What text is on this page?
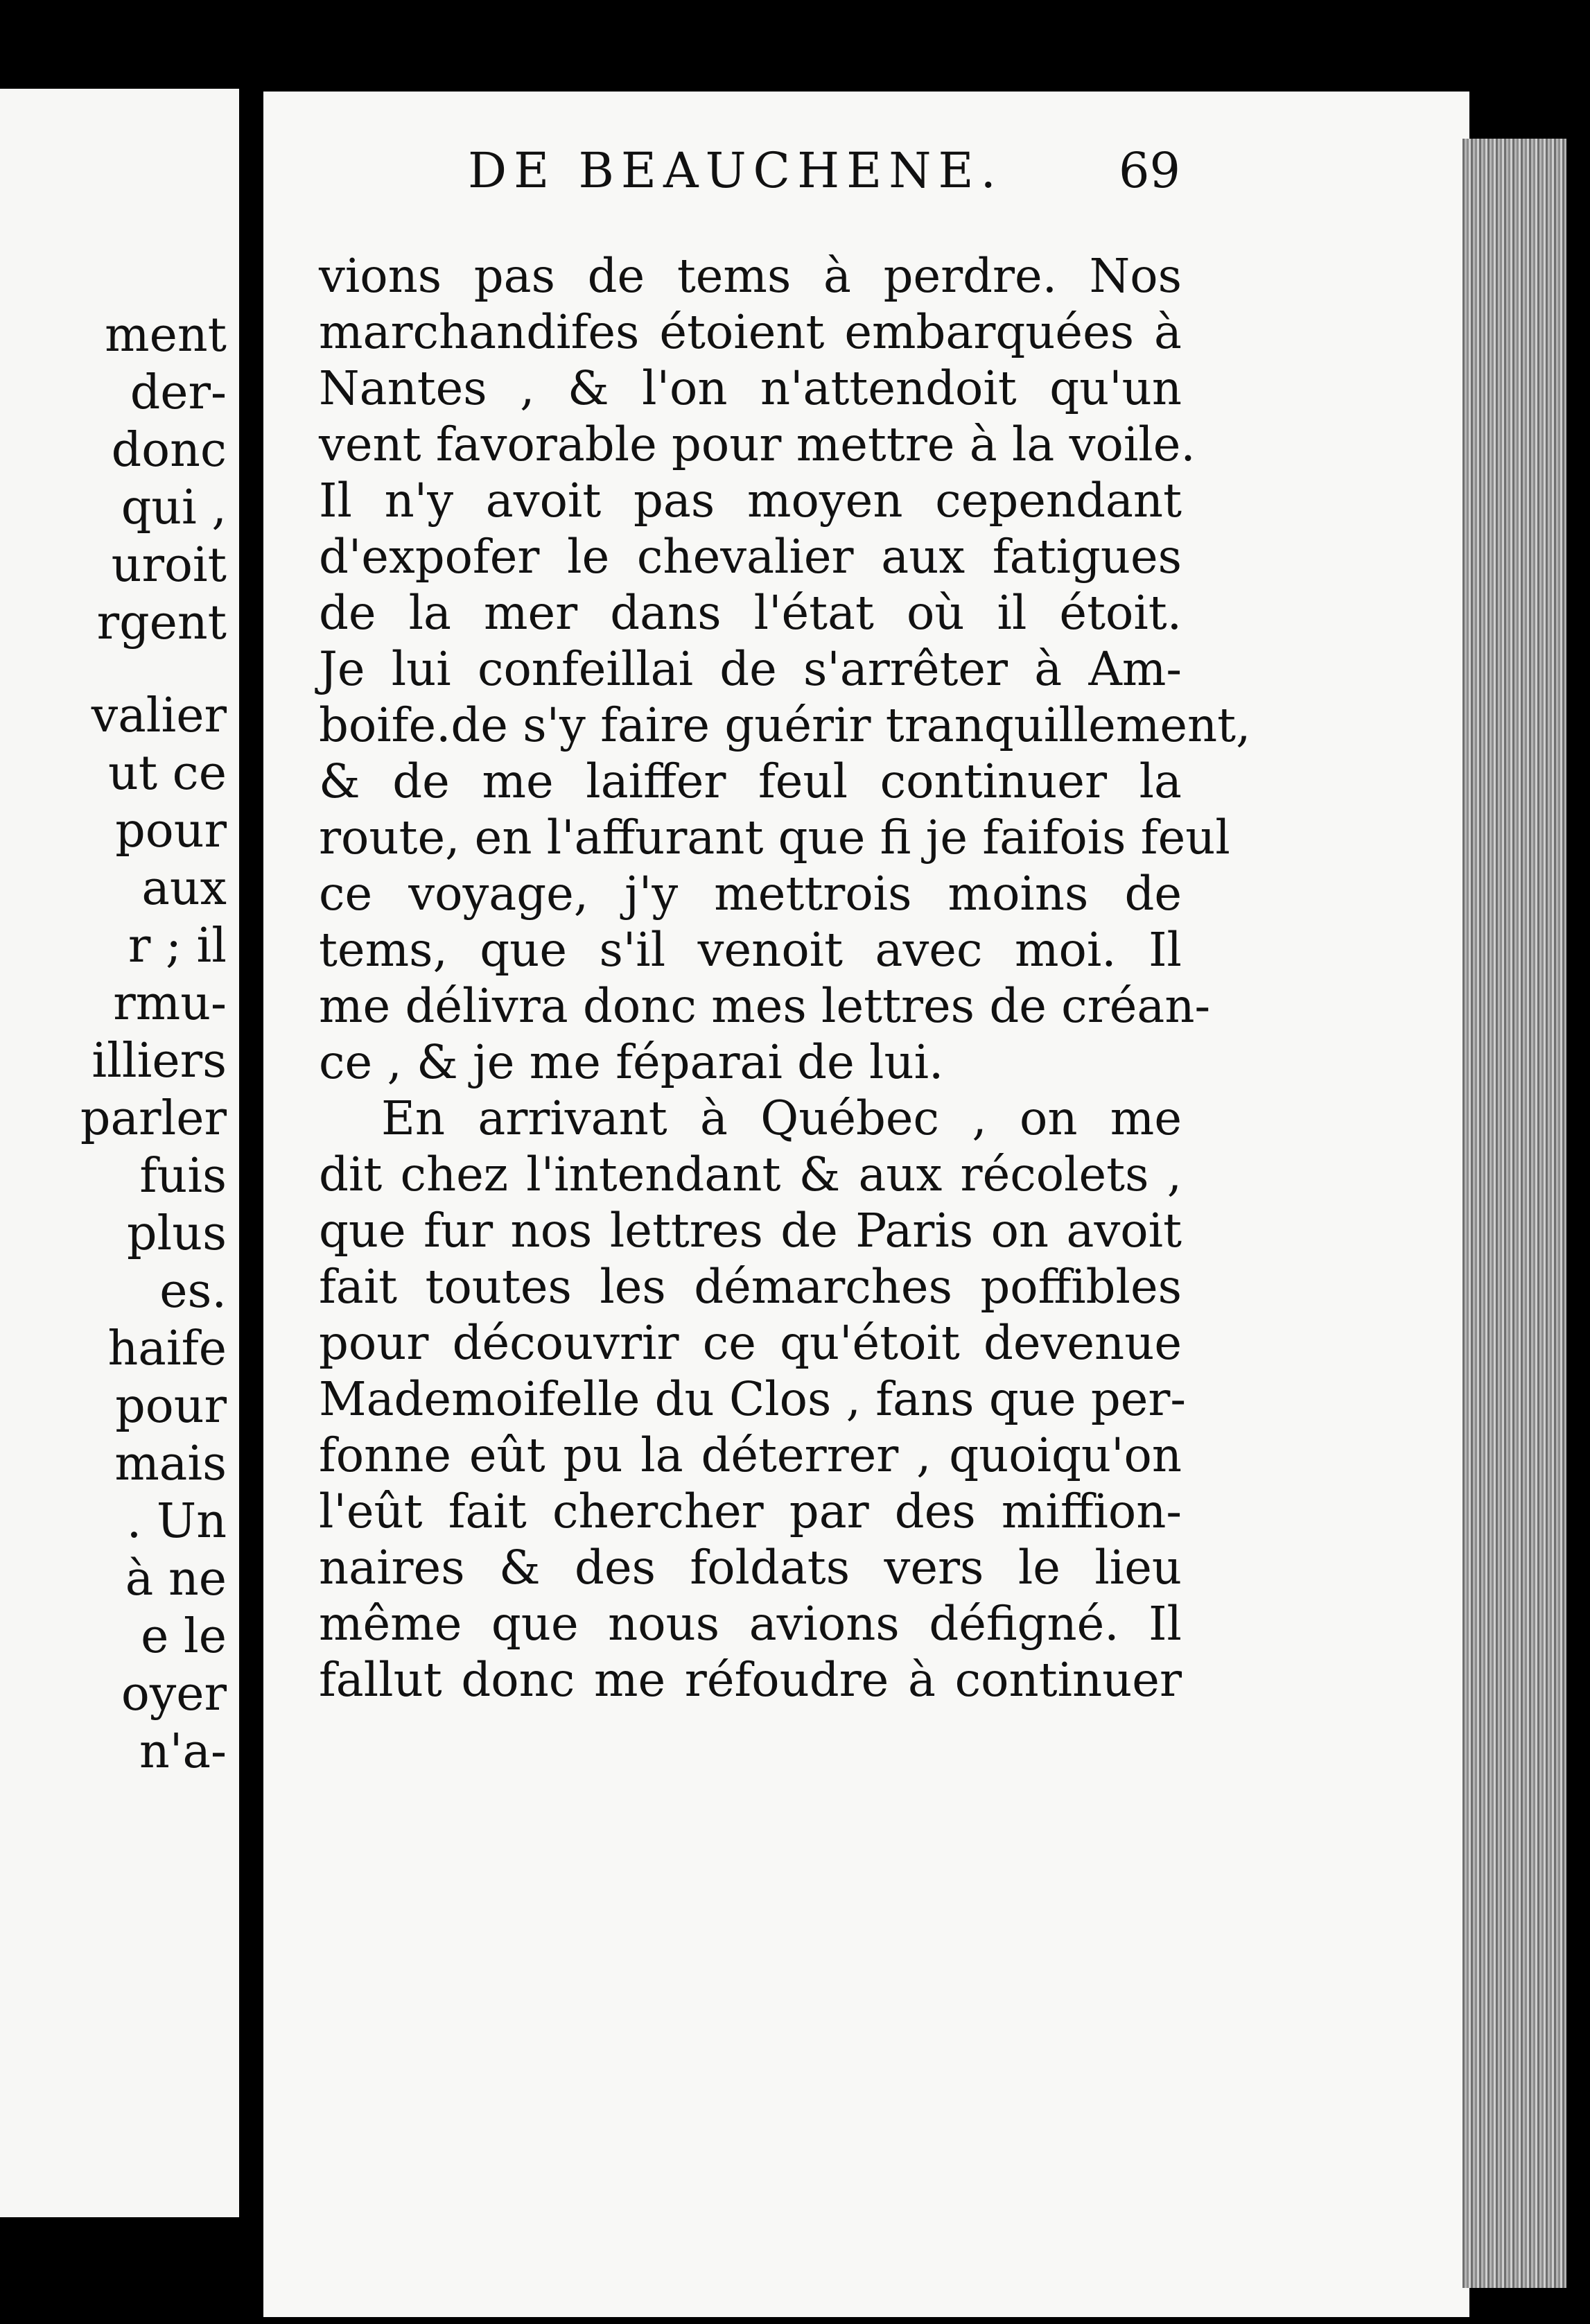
ment
der-
donc
qui ,
uroit
rgent
valier
ut ce
pour
aux
r ; il
rmu-
illiers
parler
fuis
plus
es.
haife
pour
mais
. Un
à ne
e le
oyer
n'a-
DE BEAUCHENE. 69
vions pas de tems à perdre. Nos
marchandifes étoient embarquées à
Nantes , & l'on n'attendoit qu'un
vent favorable pour mettre à la voile.
Il n'y avoit pas moyen cependant
d'expofer le chevalier aux fatigues
de la mer dans l'état où il étoit.
Je lui confeillai de s'arrêter à Am-
boife.de s'y faire guérir tranquillement,
& de me laiffer feul continuer la
route, en l'affurant que fi je faifois feul
ce voyage, j'y mettrois moins de
tems, que s'il venoit avec moi. Il
me délivra donc mes lettres de créan-
ce , & je me féparai de lui.
En arrivant à Québec , on me
dit chez l'intendant & aux récolets ,
que fur nos lettres de Paris on avoit
fait toutes les démarches poffibles
pour découvrir ce qu'étoit devenue
Mademoifelle du Clos , fans que per-
fonne eût pu la déterrer , quoiqu'on
l'eût fait chercher par des miffion-
naires & des foldats vers le lieu
même que nous avions défigné. Il
fallut donc me réfoudre à continuer
